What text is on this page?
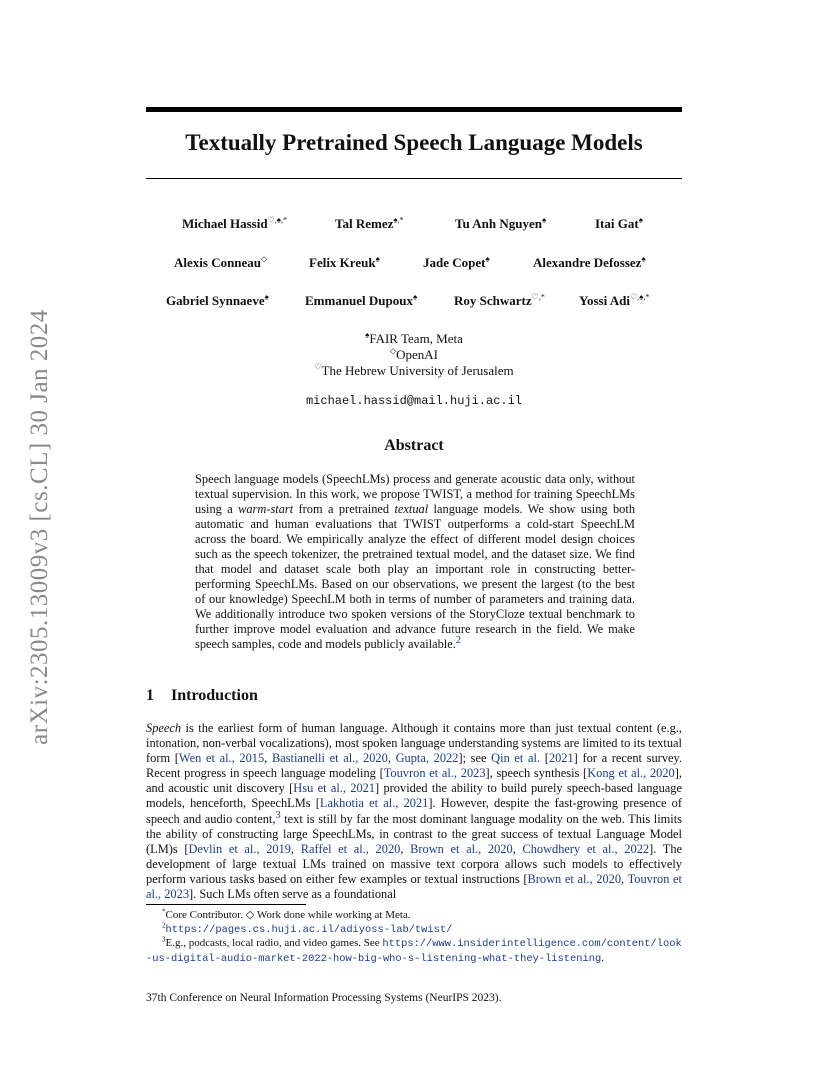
arXiv:2305.13009v3 [cs.CL] 30 Jan 2024
Textually Pretrained Speech Language Models
Michael Hassid♡,♠,*	Tal Remez♠,*	Tu Anh Nguyen♠	Itai Gat♠
Alexis Conneau◇	Felix Kreuk♠	Jade Copet♠	Alexandre Defossez♠
Gabriel Synnaeve♠	Emmanuel Dupoux♠	Roy Schwartz♡,*	Yossi Adi♡,♠,*
♠FAIR Team, Meta
◇OpenAI
♡The Hebrew University of Jerusalem
michael.hassid@mail.huji.ac.il
Abstract
Speech language models (SpeechLMs) process and generate acoustic data only, without textual supervision. In this work, we propose TWIST, a method for training SpeechLMs using a warm-start from a pretrained textual language models. We show using both automatic and human evaluations that TWIST outperforms a cold-start SpeechLM across the board. We empirically analyze the effect of different model design choices such as the speech tokenizer, the pretrained textual model, and the dataset size. We find that model and dataset scale both play an important role in constructing better-performing SpeechLMs. Based on our observations, we present the largest (to the best of our knowledge) SpeechLM both in terms of number of parameters and training data. We additionally introduce two spoken versions of the StoryCloze textual benchmark to further improve model evaluation and advance future research in the field. We make speech samples, code and models publicly available.$^2$
1 Introduction
Speech is the earliest form of human language. Although it contains more than just textual content (e.g., intonation, non-verbal vocalizations), most spoken language understanding systems are limited to its textual form [Wen et al., 2015, Bastianelli et al., 2020, Gupta, 2022]; see Qin et al. [2021] for a recent survey. Recent progress in speech language modeling [Touvron et al., 2023], speech synthesis [Kong et al., 2020], and acoustic unit discovery [Hsu et al., 2021] provided the ability to build purely speech-based language models, henceforth, SpeechLMs [Lakhotia et al., 2021]. However, despite the fast-growing presence of speech and audio content,$^3$ text is still by far the most dominant language modality on the web. This limits the ability of constructing large SpeechLMs, in contrast to the great success of textual Language Model (LM)s [Devlin et al., 2019, Raffel et al., 2020, Brown et al., 2020, Chowdhery et al., 2022]. The development of large textual LMs trained on massive text corpora allows such models to effectively perform various tasks based on either few examples or textual instructions [Brown et al., 2020, Touvron et al., 2023]. Such LMs often serve as a foundational
*Core Contributor. ◇ Work done while working at Meta.
$^2$https://pages.cs.huji.ac.il/adiyoss-lab/twist/
$^3$E.g., podcasts, local radio, and video games. See https://www.insiderintelligence.com/content/look-us-digital-audio-market-2022-how-big-who-s-listening-what-they-listening.
37th Conference on Neural Information Processing Systems (NeurIPS 2023).
